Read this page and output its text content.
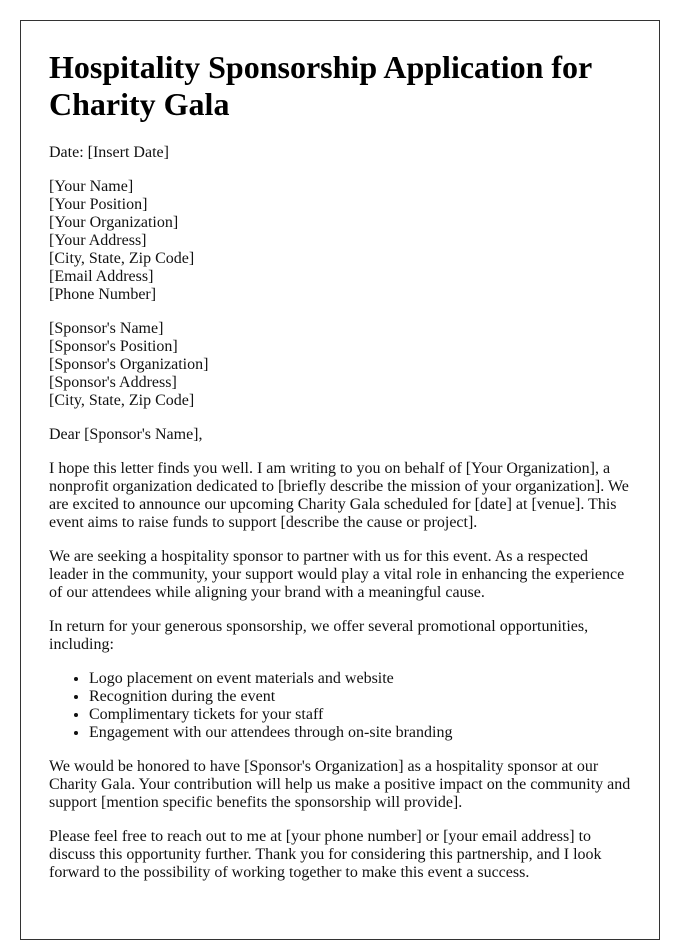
Hospitality Sponsorship Application for Charity Gala

Date: [Insert Date]

[Your Name]
[Your Position]
[Your Organization]
[Your Address]
[City, State, Zip Code]
[Email Address]
[Phone Number]
[Sponsor's Name]
[Sponsor's Position]
[Sponsor's Organization]
[Sponsor's Address]
[City, State, Zip Code]

Dear [Sponsor's Name],

I hope this letter finds you well. I am writing to you on behalf of [Your Organization], a nonprofit organization dedicated to [briefly describe the mission of your organization]. We are excited to announce our upcoming Charity Gala scheduled for [date] at [venue]. This event aims to raise funds to support [describe the cause or project].

We are seeking a hospitality sponsor to partner with us for this event. As a respected leader in the community, your support would play a vital role in enhancing the experience of our attendees while aligning your brand with a meaningful cause.

In return for your generous sponsorship, we offer several promotional opportunities, including:

• Logo placement on event materials and website
• Recognition during the event
• Complimentary tickets for your staff
• Engagement with our attendees through on-site branding

We would be honored to have [Sponsor's Organization] as a hospitality sponsor at our Charity Gala. Your contribution will help us make a positive impact on the community and support [mention specific benefits the sponsorship will provide].

Please feel free to reach out to me at [your phone number] or [your email address] to discuss this opportunity further. Thank you for considering this partnership, and I look forward to the possibility of working together to make this event a success.
